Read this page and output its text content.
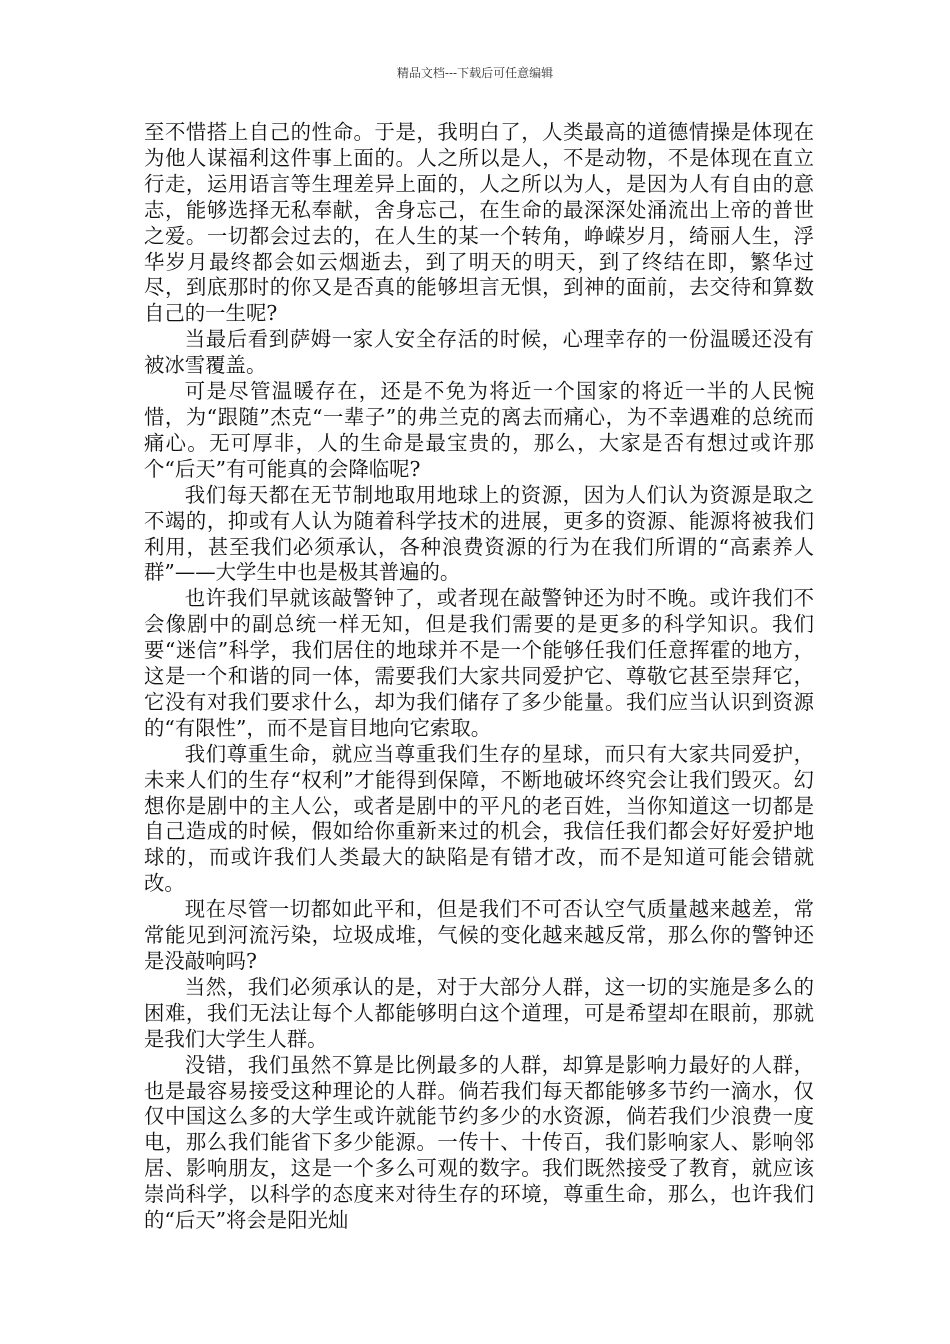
精品文档---下载后可任意编辑

至不惜搭上自己的性命。于是，我明白了，人类最高的道德情操是体现在为他人谋福利这件事上面的。人之所以是人，不是动物，不是体现在直立行走，运用语言等生理差异上面的，人之所以为人，是因为人有自由的意志，能够选择无私奉献，舍身忘己，在生命的最深深处涌流出上帝的普世之爱。一切都会过去的，在人生的某一个转角，峥嵘岁月，绮丽人生，浮华岁月最终都会如云烟逝去，到了明天的明天，到了终结在即，繁华过尽，到底那时的你又是否真的能够坦言无惧，到神的面前，去交待和算数自己的一生呢?

当最后看到萨姆一家人安全存活的时候，心理幸存的一份温暖还没有被冰雪覆盖。

可是尽管温暖存在，还是不免为将近一个国家的将近一半的人民惋惜，为“跟随”杰克“一辈子”的弗兰克的离去而痛心，为不幸遇难的总统而痛心。无可厚非，人的生命是最宝贵的，那么，大家是否有想过或许那个“后天”有可能真的会降临呢?

我们每天都在无节制地取用地球上的资源，因为人们认为资源是取之不竭的，抑或有人认为随着科学技术的进展，更多的资源、能源将被我们利用，甚至我们必须承认，各种浪费资源的行为在我们所谓的“高素养人群”——大学生中也是极其普遍的。

也许我们早就该敲警钟了，或者现在敲警钟还为时不晚。或许我们不会像剧中的副总统一样无知，但是我们需要的是更多的科学知识。我们要“迷信”科学，我们居住的地球并不是一个能够任我们任意挥霍的地方，这是一个和谐的同一体，需要我们大家共同爱护它、尊敬它甚至崇拜它，它没有对我们要求什么，却为我们储存了多少能量。我们应当认识到资源的“有限性”，而不是盲目地向它索取。

我们尊重生命，就应当尊重我们生存的星球，而只有大家共同爱护，未来人们的生存“权利”才能得到保障，不断地破坏终究会让我们毁灭。幻想你是剧中的主人公，或者是剧中的平凡的老百姓，当你知道这一切都是自己造成的时候，假如给你重新来过的机会，我信任我们都会好好爱护地球的，而或许我们人类最大的缺陷是有错才改，而不是知道可能会错就改。

现在尽管一切都如此平和，但是我们不可否认空气质量越来越差，常常能见到河流污染，垃圾成堆，气候的变化越来越反常，那么你的警钟还是没敲响吗?

当然，我们必须承认的是，对于大部分人群，这一切的实施是多么的困难，我们无法让每个人都能够明白这个道理，可是希望却在眼前，那就是我们大学生人群。

没错，我们虽然不算是比例最多的人群，却算是影响力最好的人群，也是最容易接受这种理论的人群。倘若我们每天都能够多节约一滴水，仅仅中国这么多的大学生或许就能节约多少的水资源，倘若我们少浪费一度电，那么我们能省下多少能源。一传十、十传百，我们影响家人、影响邻居、影响朋友，这是一个多么可观的数字。我们既然接受了教育，就应该崇尚科学，以科学的态度来对待生存的环境，尊重生命，那么，也许我们的“后天”将会是阳光灿
